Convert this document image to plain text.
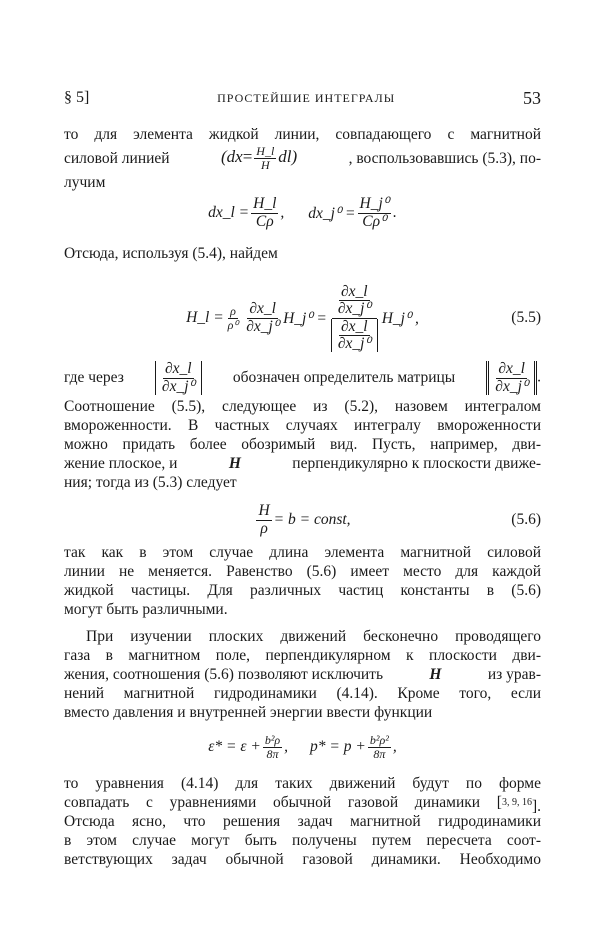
§ 5]	ПРОСТЕЙШИЕ ИНТЕГРАЛЫ	53
то для элемента жидкой линии, совпадающего с магнитной
силовой линией	$(dx= \frac{H\_l}{H} dl)$	, воспользовавшись (5.3), по-
лучим
dx_l = $\frac{H\_l}{C\rho}$ , dx_j⁰ = $\frac{\text{H\_j⁰}}{\text{Cρ⁰}}$ .
Отсюда, используя (5.4), найдем
H_l = $\frac{\rho}{\text{ρ⁰}} \frac{\partial x\_l}{\text{∂x\_j⁰}}$ H_j⁰ = $\frac{\frac{\partial x\_l}{\text{∂x\_j⁰}}}{\frac{\partial x\_l}{\text{∂x\_j⁰}}}$ H_j⁰ ,	(5.5)
где через $\frac{\partial x\_l}{\text{∂x\_j⁰}}$ обозначен определитель матрицы $\frac{\partial x\_l}{\text{∂x\_j⁰}}$ .
Соотношение (5.5), следующее из (5.2), назовем интегралом
вмороженности. В частных случаях интегралу вмороженности
можно придать более обозримый вид. Пусть, например, дви-
жение плоское, и	H	перпендикулярно к плоскости движе-
ния; тогда из (5.3) следует
$\frac{H}{\rho} = b$ = const,	(5.6)
так как в этом случае длина элемента магнитной силовой
линии не меняется. Равенство (5.6) имеет место для каждой
жидкой частицы. Для различных частиц константы в (5.6)
могут быть различными.
При изучении плоских движений бесконечно проводящего
газа в магнитном поле, перпендикулярном к плоскости дви-
жения, соотношения (5.6) позволяют исключить	H	из урав-
нений магнитной гидродинамики (4.14). Кроме того, если
вместо давления и внутренней энергии ввести функции
$\varepsilon* = \varepsilon + \frac{\text{b²ρ}}{8\pi}$ , $p* = p + \frac{\text{b²ρ²}}{8\pi}$ ,
то уравнения (4.14) для таких движений будут по форме
совпадать с уравнениями обычной газовой динамики [ $^{3, 9, 16}$].
Отсюда ясно, что решения задач магнитной гидродинамики
в этом случае могут быть получены путем пересчета соот-
ветствующих задач обычной газовой динамики. Необходимо
